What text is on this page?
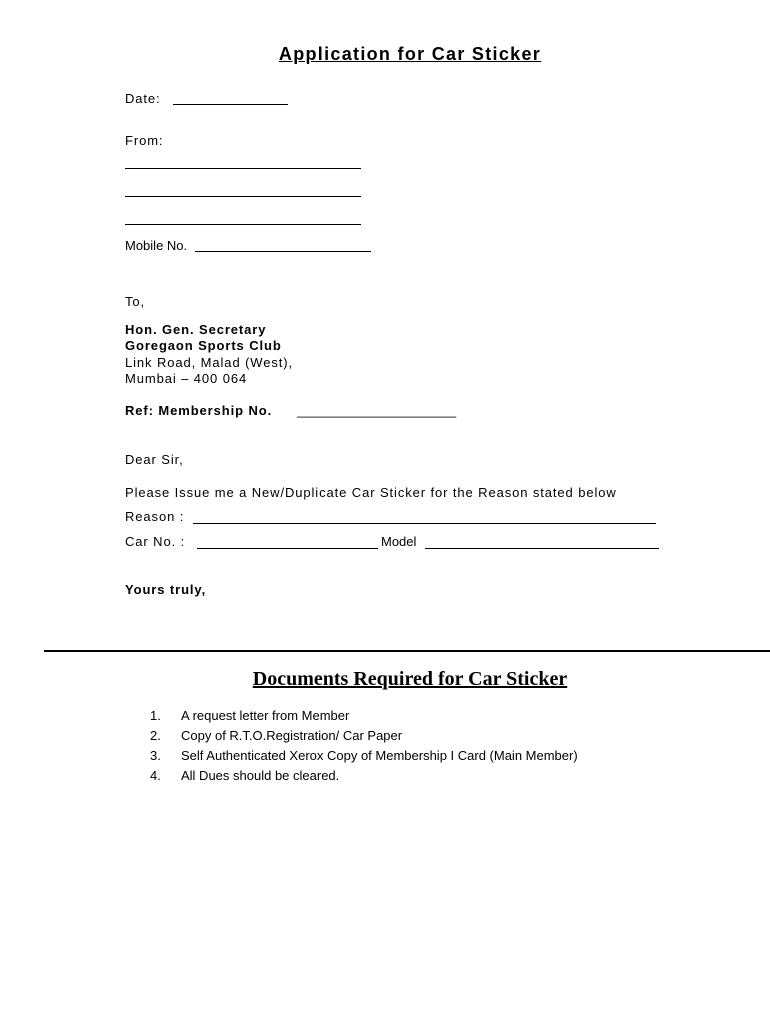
Application for Car Sticker
Date:
From:
Mobile No.
To,
Hon. Gen. Secretary
Goregaon Sports Club
Link Road, Malad (West),
Mumbai – 400 064
Ref: Membership No. ______________________
Dear Sir,
Please Issue me a New/Duplicate Car Sticker for the Reason stated below
Reason :
Car No. :	Model
Yours truly,
Documents Required for Car Sticker
1. A request letter from Member
2. Copy of R.T.O.Registration/ Car Paper
3. Self Authenticated Xerox Copy of Membership I Card (Main Member)
4. All Dues should be cleared.
